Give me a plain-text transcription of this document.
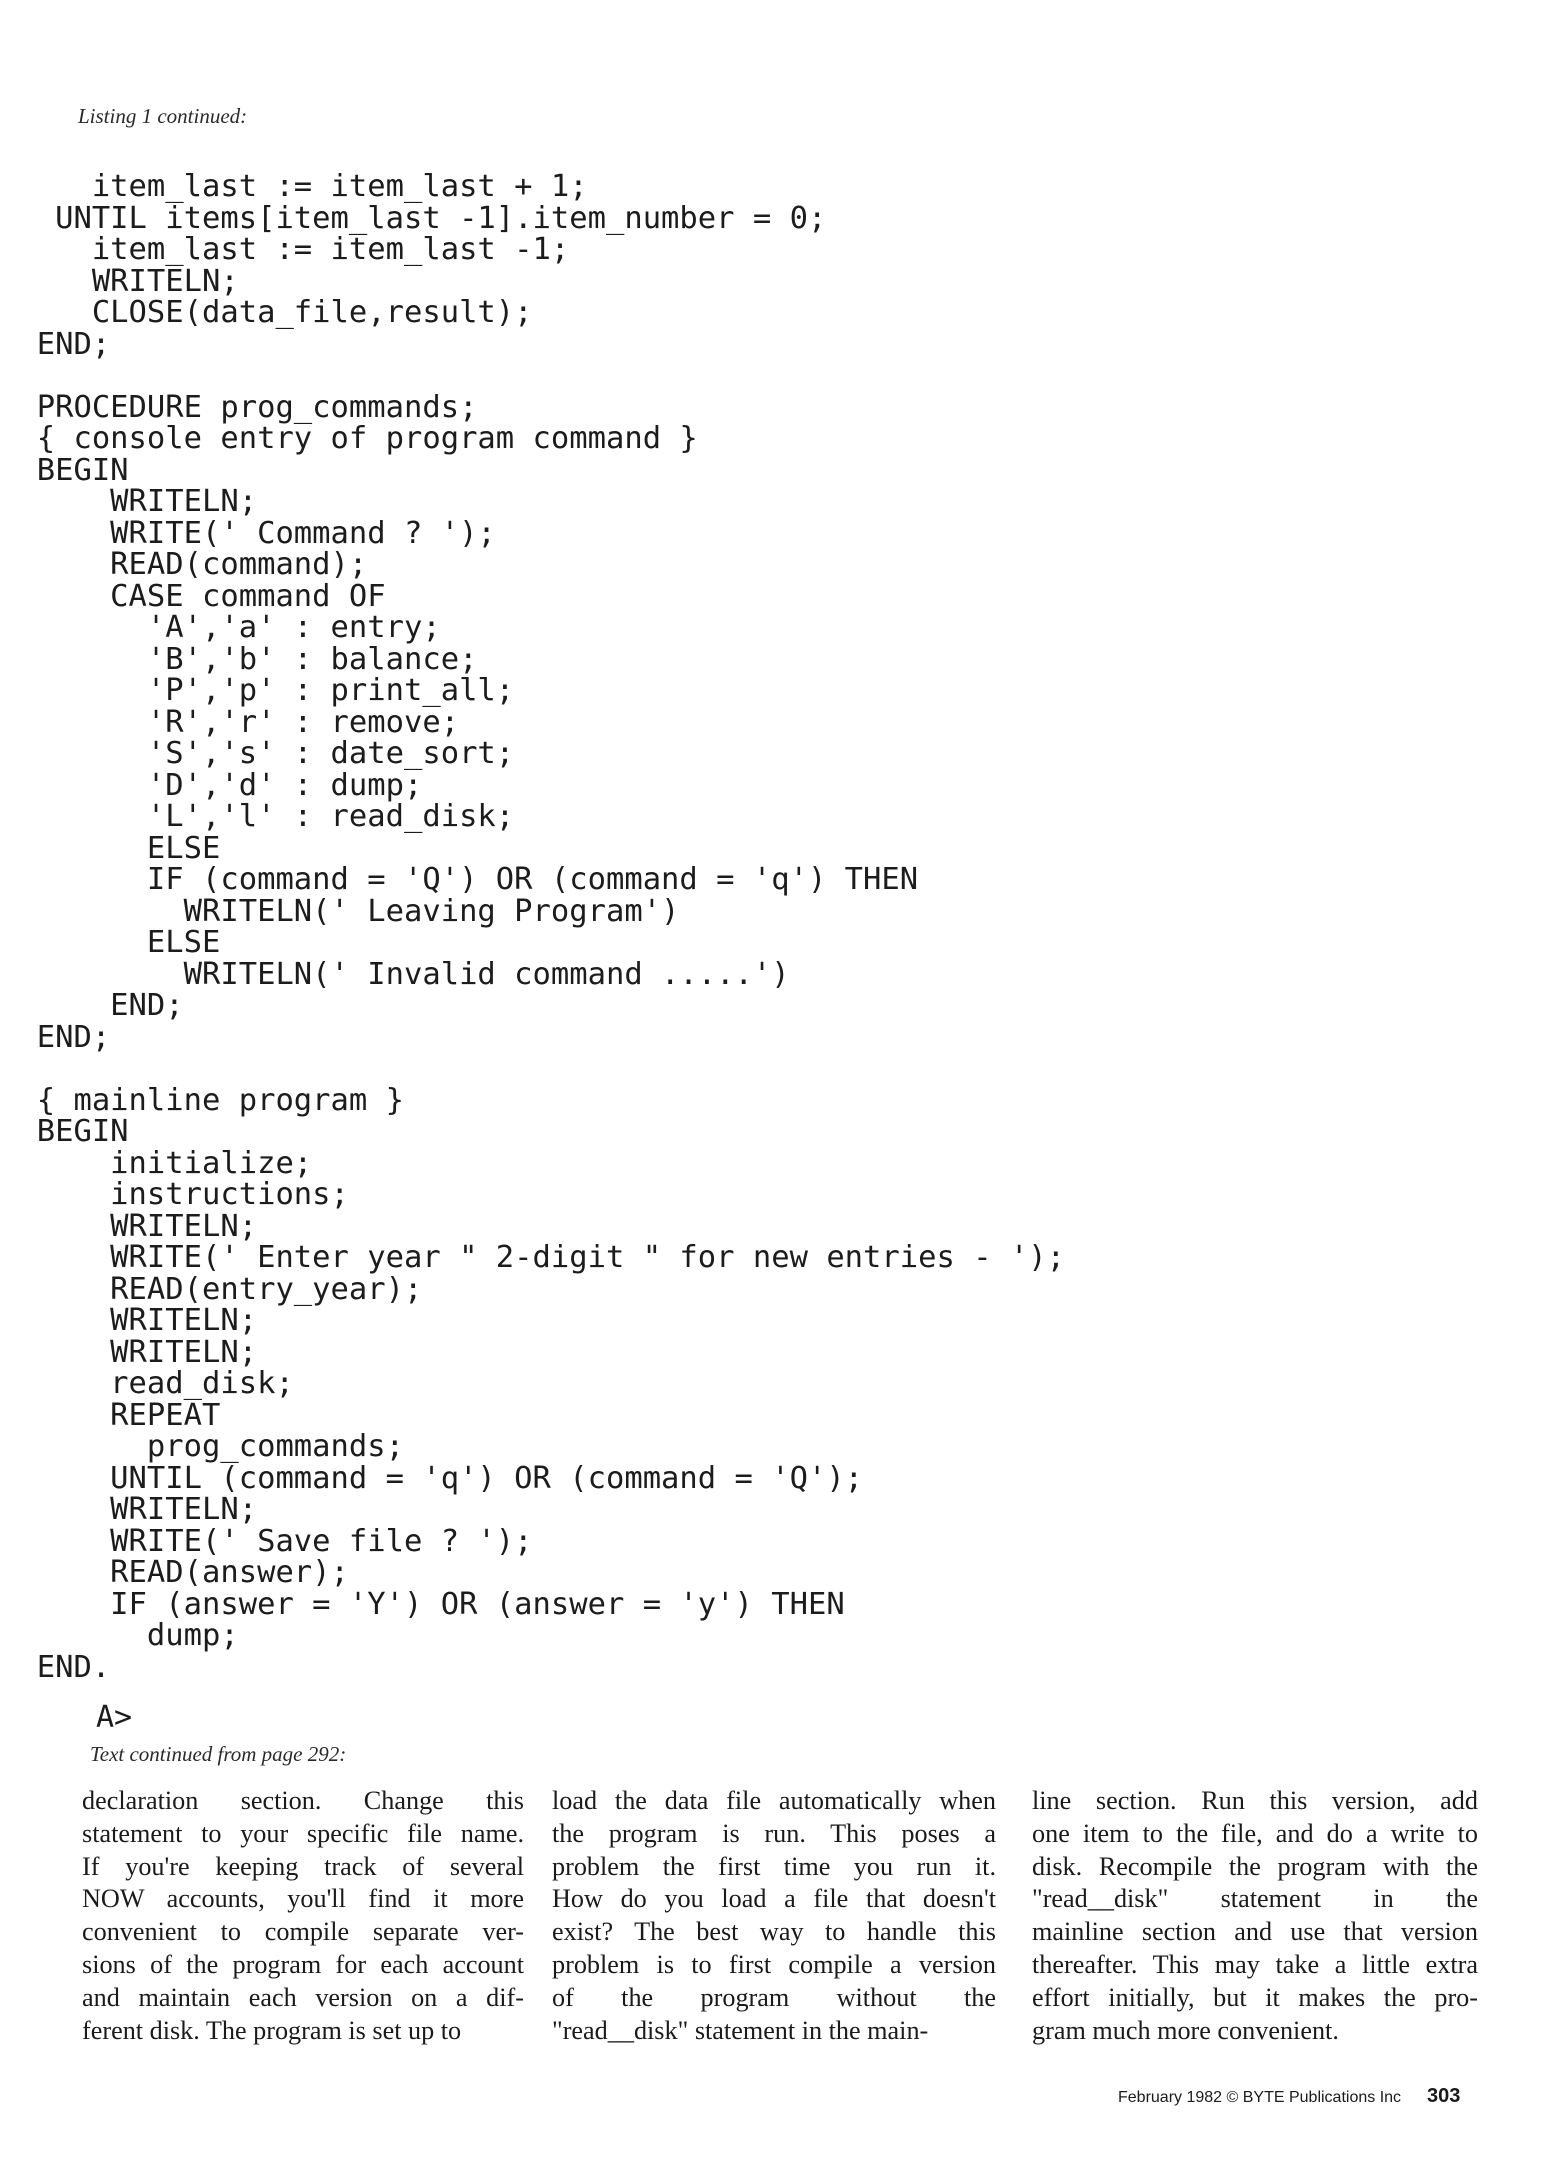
Listing 1 continued:
item_last := item_last + 1;
UNTIL items[item_last -1].item_number = 0;
item_last := item_last -1;
WRITELN;
CLOSE(data_file,result);
END;
PROCEDURE prog_commands;
{ console entry of program command }
BEGIN
WRITELN;
WRITE(' Command ? ');
READ(command);
CASE command OF
'A','a' : entry;
'B','b' : balance;
'P','p' : print_all;
'R','r' : remove;
'S','s' : date_sort;
'D','d' : dump;
'L','l' : read_disk;
ELSE
IF (command = 'Q') OR (command = 'q') THEN
WRITELN(' Leaving Program')
ELSE
WRITELN(' Invalid command .....')
END;
END;
{ mainline program }
BEGIN
initialize;
instructions;
WRITELN;
WRITE(' Enter year " 2-digit " for new entries - ');
READ(entry_year);
WRITELN;
WRITELN;
read_disk;
REPEAT
prog_commands;
UNTIL (command = 'q') OR (command = 'Q');
WRITELN;
WRITE(' Save file ? ');
READ(answer);
IF (answer = 'Y') OR (answer = 'y') THEN
dump;
END.
A>
Text continued from page 292:
declaration section. Change this
statement to your specific file name.
If you're keeping track of several
NOW accounts, you'll find it more
convenient to compile separate ver-
sions of the program for each account
and maintain each version on a dif-
ferent disk. The program is set up to
load the data file automatically when
the program is run. This poses a
problem the first time you run it.
How do you load a file that doesn't
exist? The best way to handle this
problem is to first compile a version
of the program without the
"read__disk" statement in the main-
line section. Run this version, add
one item to the file, and do a write to
disk. Recompile the program with the
"read__disk" statement in the
mainline section and use that version
thereafter. This may take a little extra
effort initially, but it makes the pro-
gram much more convenient.
February 1982 © BYTE Publications Inc 303
